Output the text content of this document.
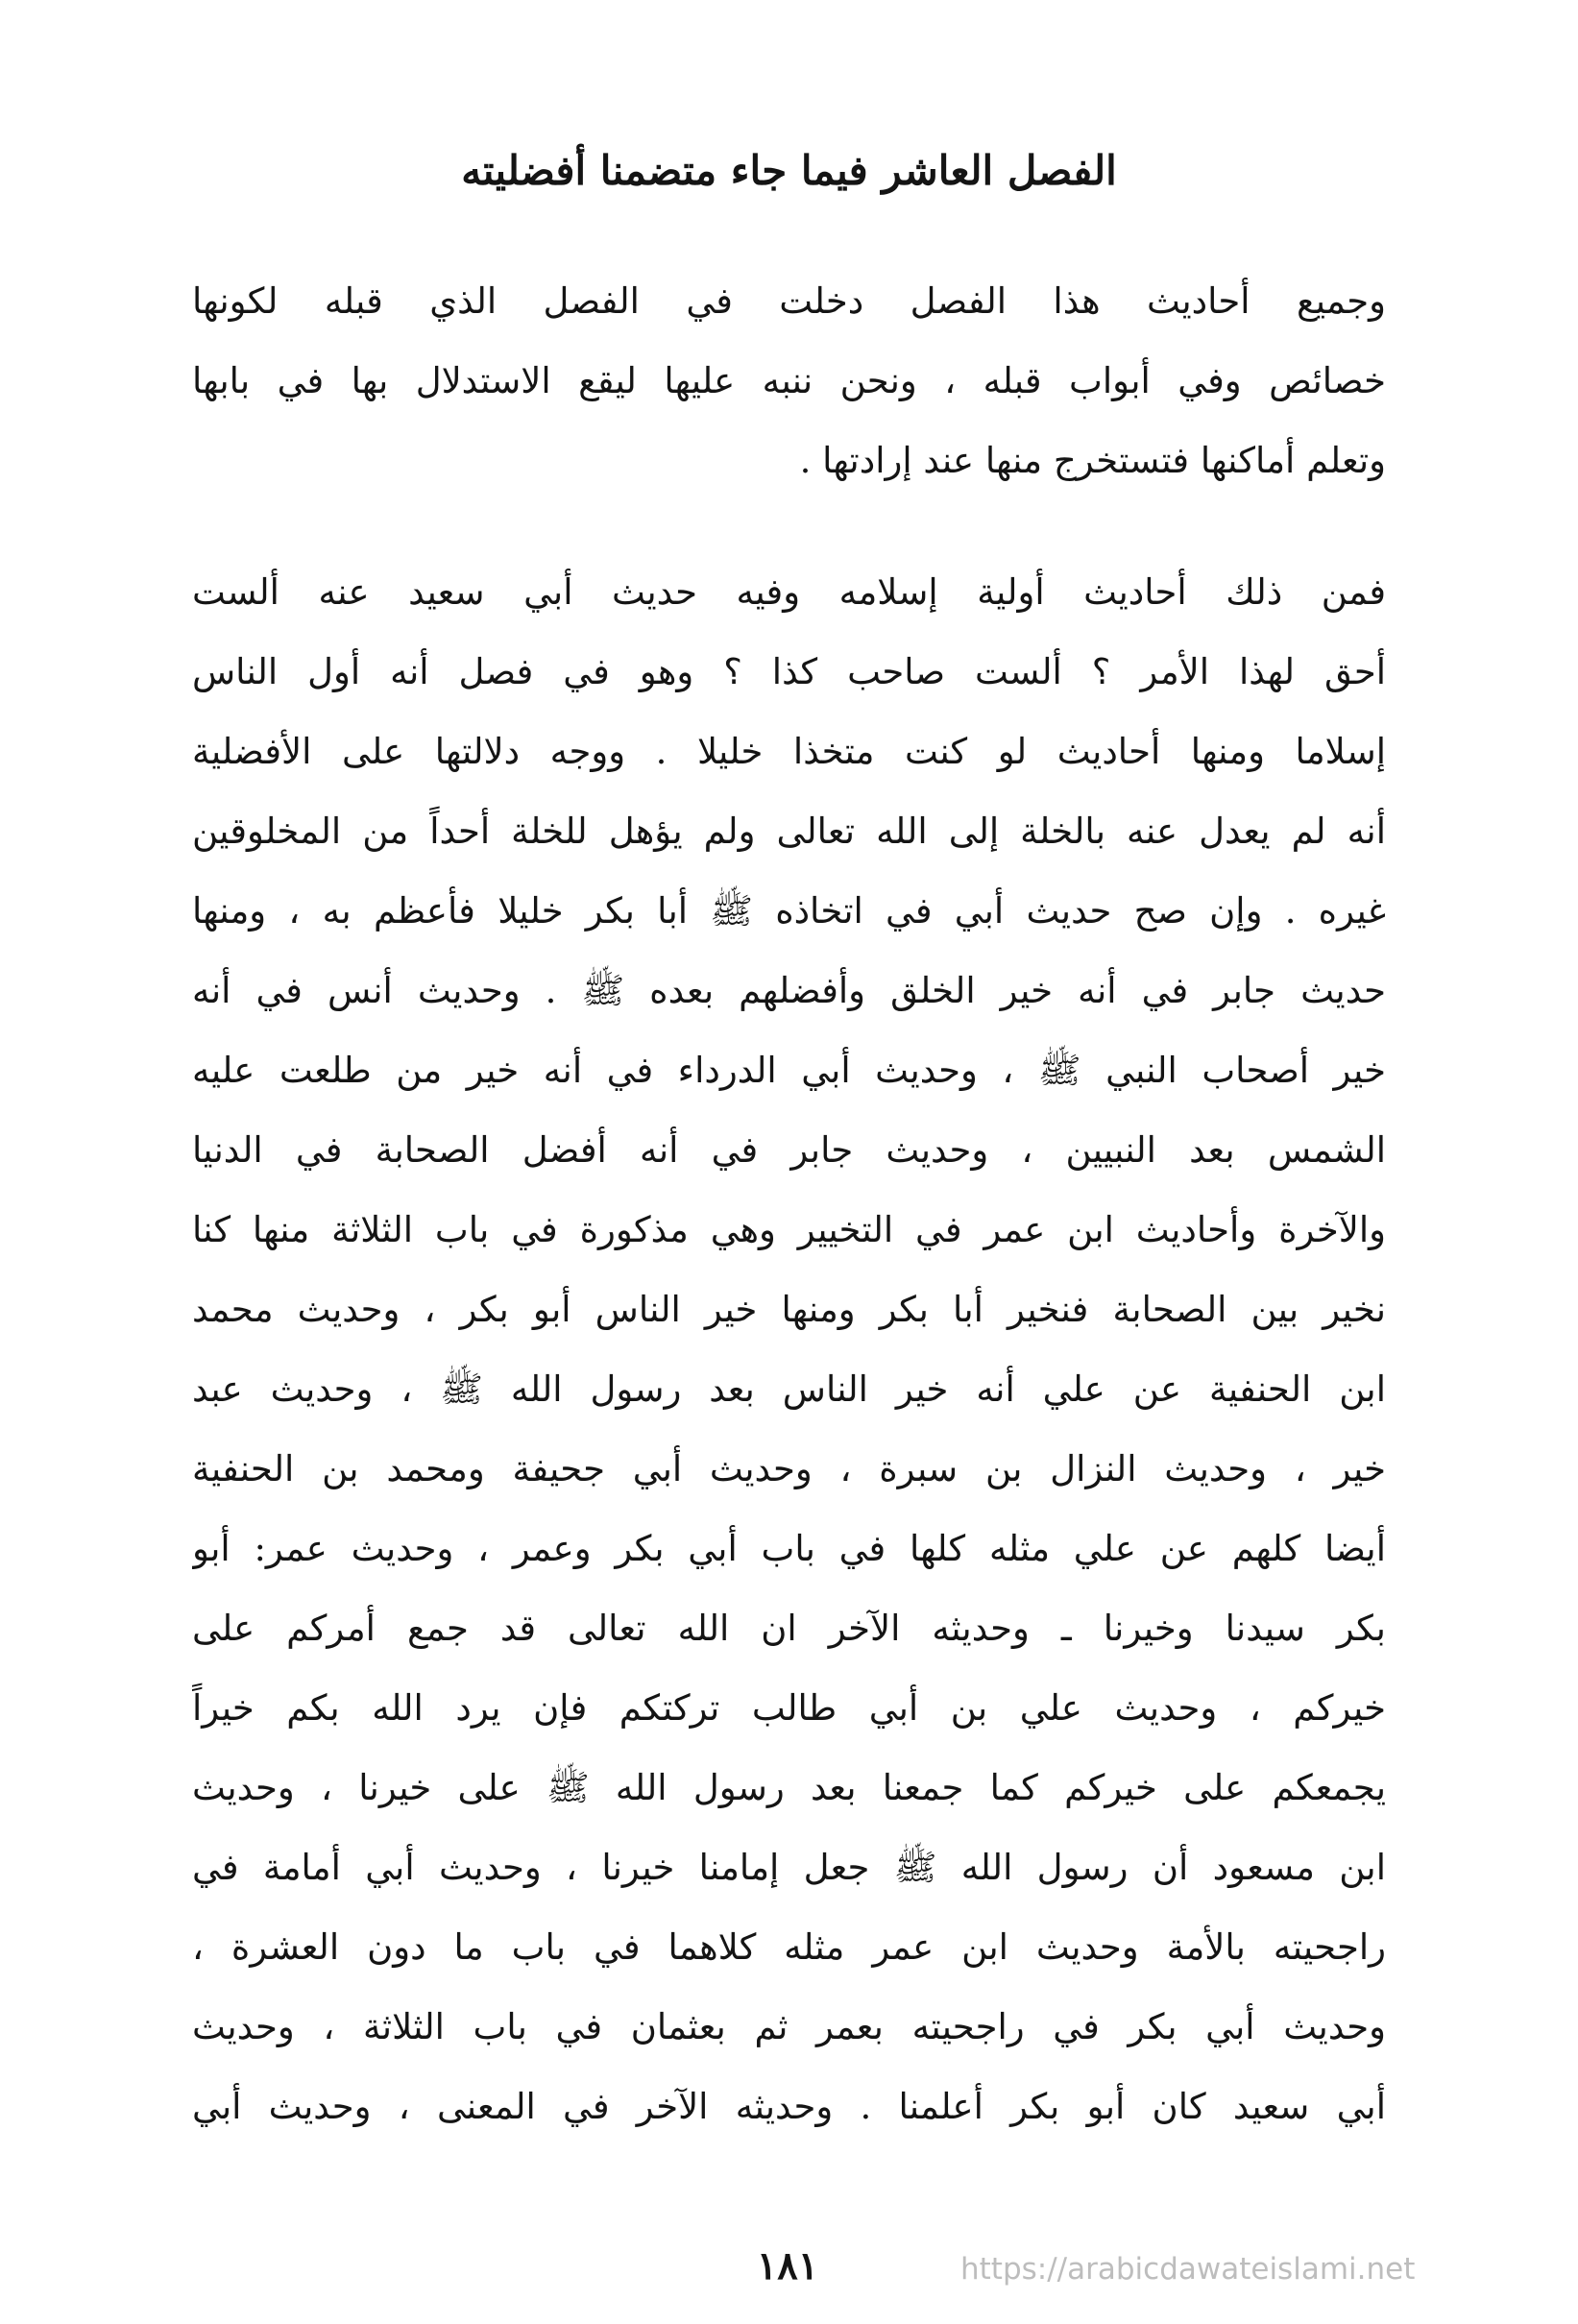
الفصل العاشر فيما جاء متضمنا أفضليته
وجميع أحاديث هذا الفصل دخلت في الفصل الذي قبله لكونها
خصائص وفي أبواب قبله ، ونحن ننبه عليها ليقع الاستدلال بها في بابها
وتعلم أماكنها فتستخرج منها عند إرادتها .
فمن ذلك أحاديث أولية إسلامه وفيه حديث أبي سعيد عنه ألست
أحق لهذا الأمر ؟ ألست صاحب كذا ؟ وهو في فصل أنه أول الناس
إسلاما ومنها أحاديث لو كنت متخذا خليلا . ووجه دلالتها على الأفضلية
أنه لم يعدل عنه بالخلة إلى الله تعالى ولم يؤهل للخلة أحداً من المخلوقين
غيره . وإن صح حديث أبي في اتخاذه ﷺ أبا بكر خليلا فأعظم به ، ومنها
حديث جابر في أنه خير الخلق وأفضلهم بعده ﷺ . وحديث أنس في أنه
خير أصحاب النبي ﷺ ، وحديث أبي الدرداء في أنه خير من طلعت عليه
الشمس بعد النبيين ، وحديث جابر في أنه أفضل الصحابة في الدنيا
والآخرة وأحاديث ابن عمر في التخيير وهي مذكورة في باب الثلاثة منها كنا
نخير بين الصحابة فنخير أبا بكر ومنها خير الناس أبو بكر ، وحديث محمد
ابن الحنفية عن علي أنه خير الناس بعد رسول الله ﷺ ، وحديث عبد
خير ، وحديث النزال بن سبرة ، وحديث أبي جحيفة ومحمد بن الحنفية
أيضا كلهم عن علي مثله كلها في باب أبي بكر وعمر ، وحديث عمر: أبو
بكر سيدنا وخيرنا ـ وحديثه الآخر ان الله تعالى قد جمع أمركم على
خيركم ، وحديث علي بن أبي طالب تركتكم فإن يرد الله بكم خيراً
يجمعكم على خيركم كما جمعنا بعد رسول الله ﷺ على خيرنا ، وحديث
ابن مسعود أن رسول الله ﷺ جعل إمامنا خيرنا ، وحديث أبي أمامة في
راجحيته بالأمة وحديث ابن عمر مثله كلاهما في باب ما دون العشرة ،
وحديث أبي بكر في راجحيته بعمر ثم بعثمان في باب الثلاثة ، وحديث
أبي سعيد كان أبو بكر أعلمنا . وحديثه الآخر في المعنى ، وحديث أبي
١٨١	https://arabicdawateislami.net
